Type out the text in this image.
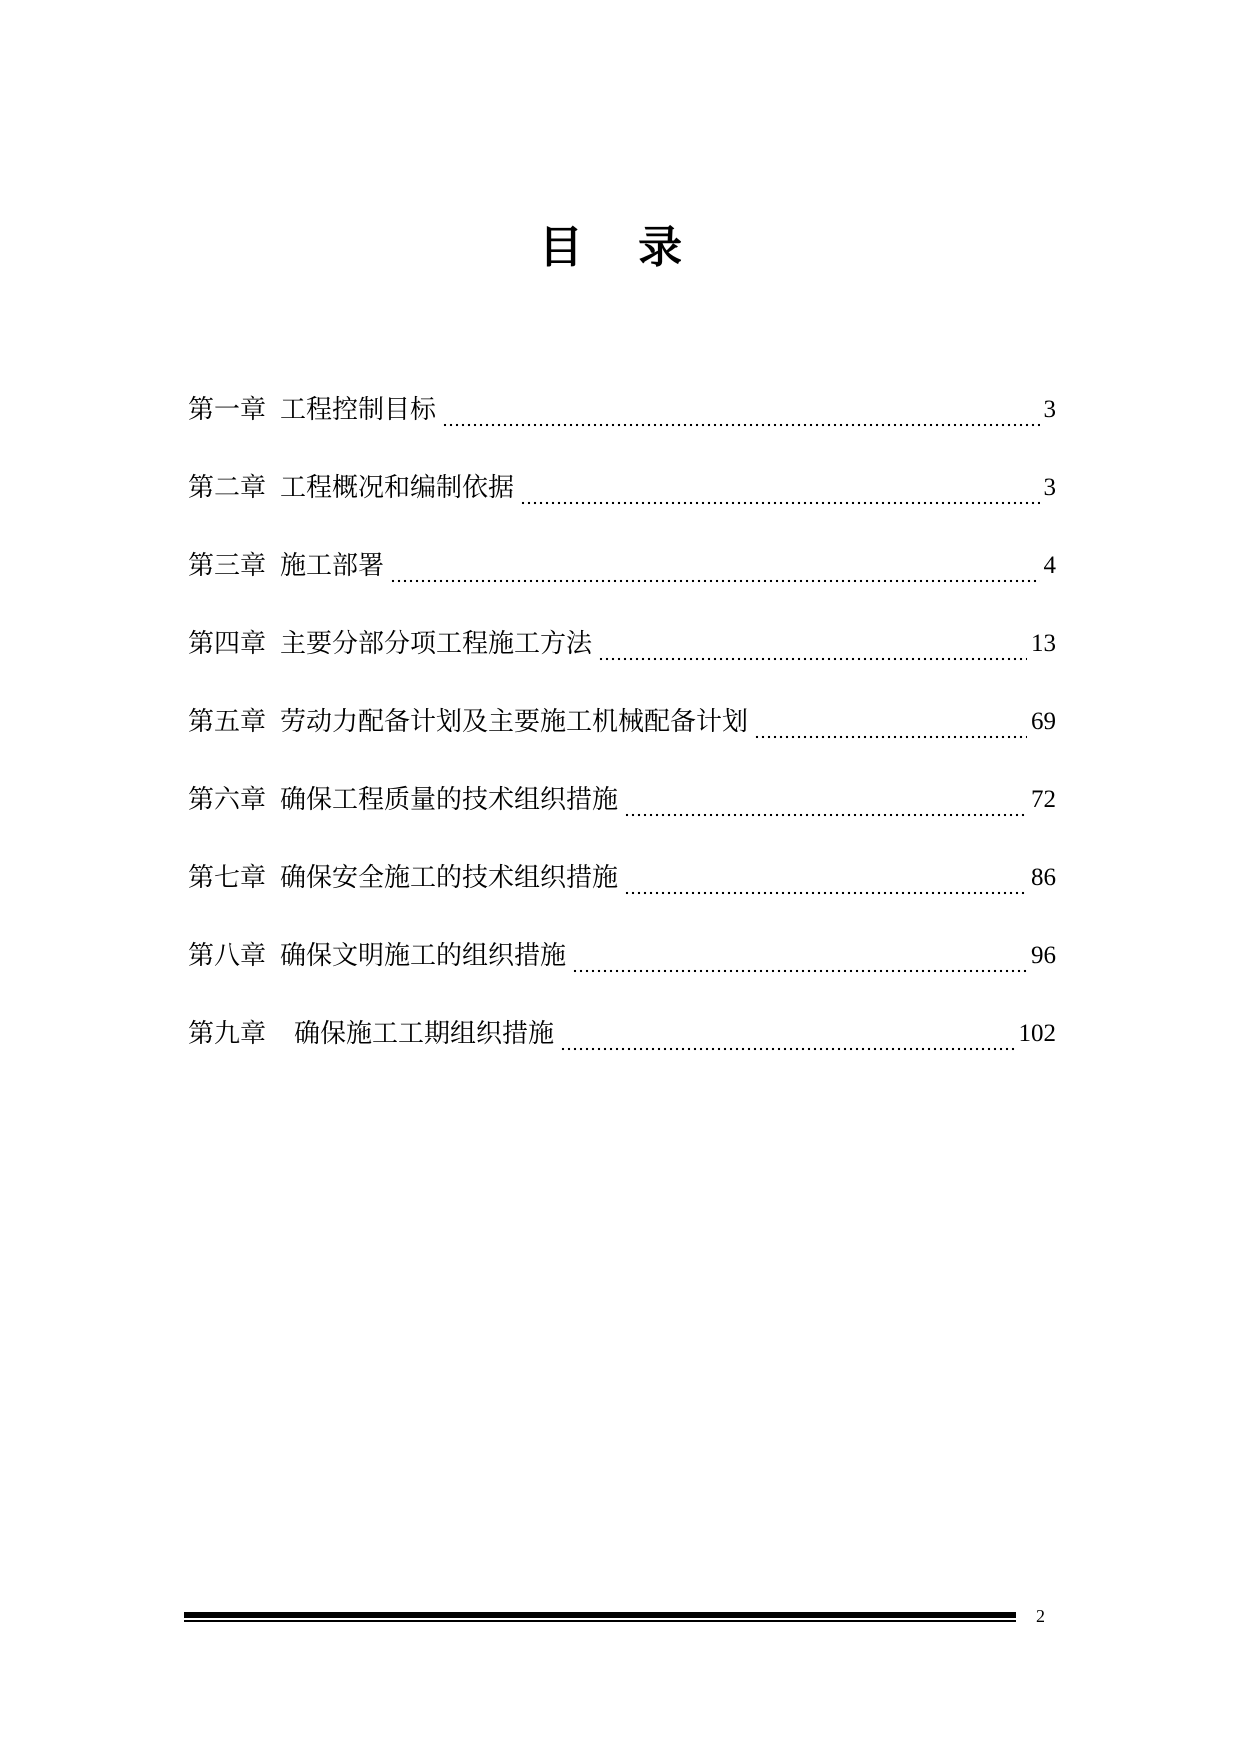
目 录
第一章 工程控制目标	3
第二章 工程概况和编制依据	3
第三章 施工部署	4
第四章 主要分部分项工程施工方法	13
第五章 劳动力配备计划及主要施工机械配备计划	69
第六章 确保工程质量的技术组织措施	72
第七章 确保安全施工的技术组织措施	86
第八章 确保文明施工的组织措施	96
第九章 确保施工工期组织措施	102
2
